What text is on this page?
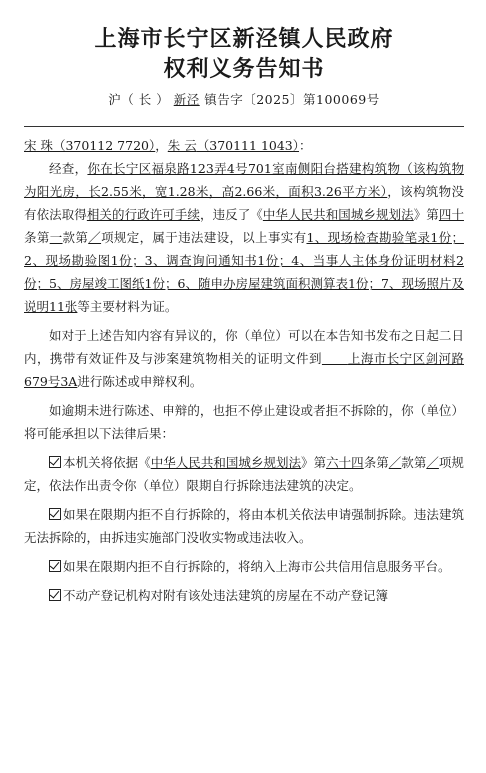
上海市长宁区新泾镇人民政府
权利义务告知书
沪（ 长 ） 新泾 镇告字〔2025〕第100069号
宋 珠（370112 7720），朱 云（370111 1043）：

经查，你在长宁区福泉路123弄4号701室南侧阳台搭建构筑物（该构筑物为阳光房，长2.55米，宽1.28米，高2.66米，面积3.26平方米），该构筑物没有依法取得相关的行政许可手续，违反了《中华人民共和国城乡规划法》第四十条第一款第／项规定，属于违法建设，以上事实有1、现场检查勘验笔录1份；2、现场勘验图1份；3、调查询问通知书1份；4、当事人主体身份证明材料2份；5、房屋竣工图纸1份；6、随申办房屋建筑面积测算表1份；7、现场照片及说明11张等主要材料为证。

如对于上述告知内容有异议的，你（单位）可以在本告知书发布之日起二日内，携带有效证件及与涉案建筑物相关的证明文件到　　 上海市长宁区剑河路679号3A进行陈述或申辩权利。

如逾期未进行陈述、申辩的，也拒不停止建设或者拒不拆除的，你（单位）将可能承担以下法律后果：

本机关将依据《中华人民共和国城乡规划法》第六十四条第／款第／项规定，依法作出责令你（单位）限期自行拆除违法建筑的决定。

如果在限期内拒不自行拆除的，将由本机关依法申请强制拆除。违法建筑无法拆除的，由拆违实施部门没收实物或违法收入。

如果在限期内拒不自行拆除的，将纳入上海市公共信用信息服务平台。

不动产登记机构对附有该处违法建筑的房屋在不动产登记簿
